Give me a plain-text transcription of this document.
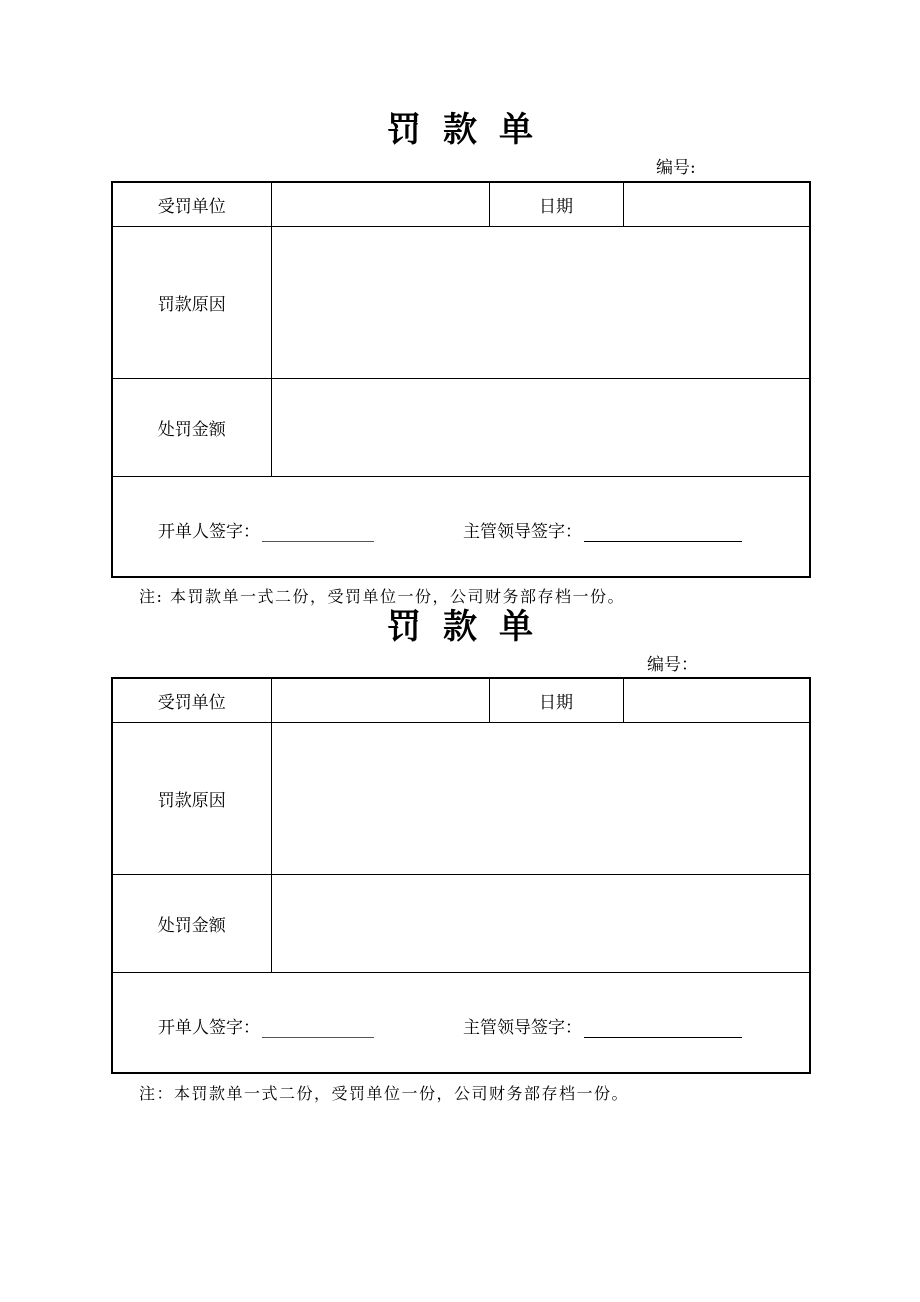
罚款单
编号:
受罚单位		日期	
罚款原因			
处罚金额			

开单人签字： 主管领导签字：			
注: 本罚款单一式二份，受罚单位一份，公司财务部存档一份。
罚款单
编号：
受罚单位		日期	
罚款原因			
处罚金额			

开单人签字： 主管领导签字：			
注：本罚款单一式二份，受罚单位一份，公司财务部存档一份。
